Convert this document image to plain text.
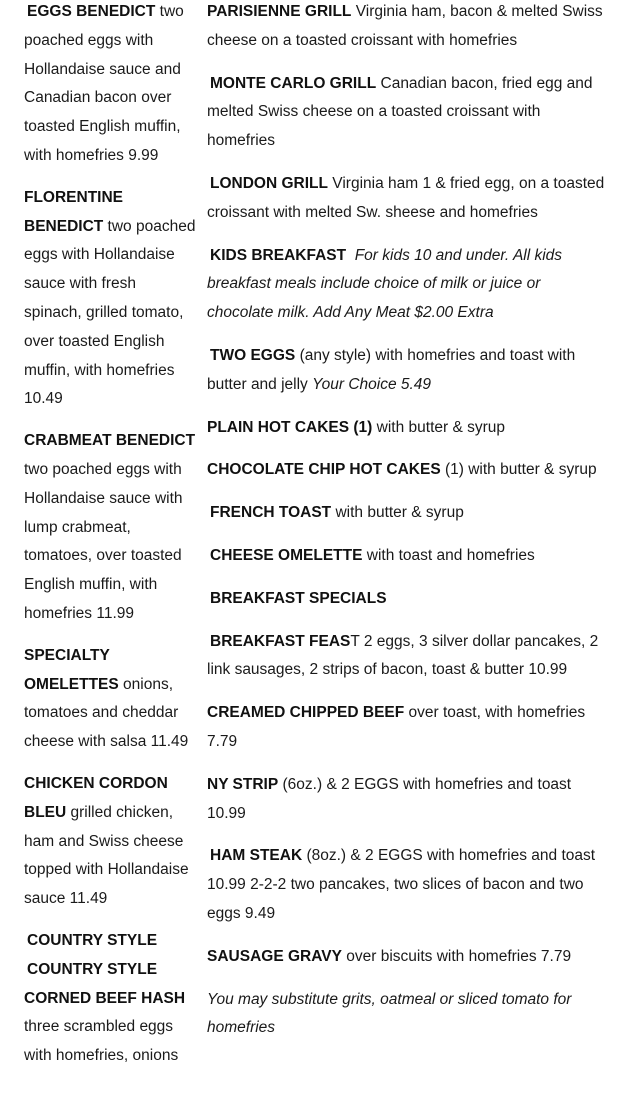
EGGS BENEDICT two poached eggs with Hollandaise sauce and Canadian bacon over toasted English muffin, with homefries 9.99

FLORENTINE BENEDICT two poached eggs with Hollandaise sauce with fresh spinach, grilled tomato, over toasted English muffin, with homefries 10.49

CRABMEAT BENEDICT two poached eggs with Hollandaise sauce with lump crabmeat, tomatoes, over toasted English muffin, with homefries 11.99

SPECIALTY OMELETTES onions, tomatoes and cheddar cheese with salsa 11.49

CHICKEN CORDON BLEU grilled chicken, ham and Swiss cheese topped with Hollandaise sauce 11.49

COUNTRY STYLE
COUNTRY STYLE CORNED BEEF HASH three scrambled eggs with homefries, onions

PARISIENNE GRILL Virginia ham, bacon & melted Swiss cheese on a toasted croissant with homefries

MONTE CARLO GRILL Canadian bacon, fried egg and melted Swiss cheese on a toasted croissant with homefries

LONDON GRILL Virginia ham 1 & fried egg, on a toasted croissant with melted Sw. sheese and homefries

KIDS BREAKFAST For kids 10 and under. All kids breakfast meals include choice of milk or juice or chocolate milk. Add Any Meat $2.00 Extra

TWO EGGS (any style) with homefries and toast with butter and jelly Your Choice 5.49

PLAIN HOT CAKES (1) with butter & syrup

CHOCOLATE CHIP HOT CAKES (1) with butter & syrup

FRENCH TOAST with butter & syrup

CHEESE OMELETTE with toast and homefries

BREAKFAST SPECIALS

BREAKFAST FEAST 2 eggs, 3 silver dollar pancakes, 2 link sausages, 2 strips of bacon, toast & butter 10.99

CREAMED CHIPPED BEEF over toast, with homefries 7.79

NY STRIP (6oz.) & 2 EGGS with homefries and toast 10.99

HAM STEAK (8oz.) & 2 EGGS with homefries and toast 10.99 2-2-2 two pancakes, two slices of bacon and two eggs 9.49

SAUSAGE GRAVY over biscuits with homefries 7.79

You may substitute grits, oatmeal or sliced tomato for homefries
